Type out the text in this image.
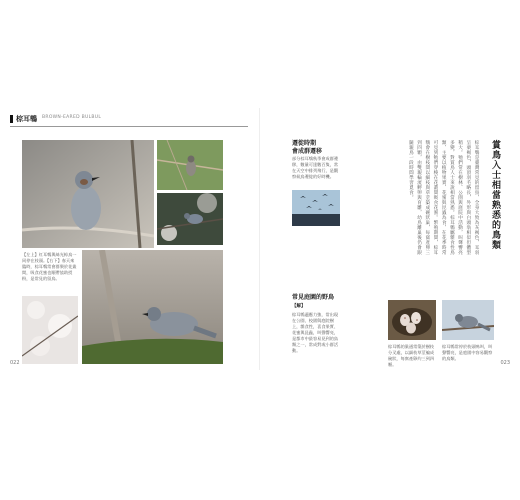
棕耳鵯 BROWN-EARED BULBUL
【左上】紅耳鵯與絲光椋鳥一同停在枝頭。【右下】春天來臨時，棕耳鵯常會群聚於花叢間，吸食花蜜也順帶協助授粉，是常見的留鳥。
022
遷徙時期
會成群遷移
部分棕耳鵯秋季會成群遷移，數量可達數百隻，常在天空中排列飛行，是觀察候鳥遷徙的好時機。
常見庭園的野鳥
【解】
棕耳鵯適應力強，常出現在公園、校園與庭院樹上，雜食性，喜食果實、花蜜與昆蟲，叫聲響亮，是都市中最容易見到的鳥類之一，常成對或小群活動。
賞鳥入士相當熟悉的鳥類
棕耳鵯是臺灣常見的留鳥，全身大致為灰褐色，耳羽呈栗褐色，頭頂羽毛略長，外形與白頭翁相似但體型稍大。牠們常在樹林、公園與庭院中活動，叫聲響亮多變，對賞鳥人士來說相當熟悉。棕耳鵯屬雜食性鳥類，主要以植物果實、花蜜與昆蟲為食，在花季時常可見到牠們穿梭在花叢間吸食花蜜。繁殖期間，棕耳鵯會在樹枝間以細枝與草莖築成碗狀巢，每窩產卵三到四顆，由雙親輪流孵卵與育雛，幼鳥離巢後仍會跟隨親鳥一段時間學習覓食。
棕耳鵯的巢通常築於樹枝分叉處，以細枝草莖編成碗狀，每窩產卵約三到四顆。
棕耳鵯常停於枝頭鳴叫，叫聲響亮，是庭園中容易觀察的鳥類。
023
